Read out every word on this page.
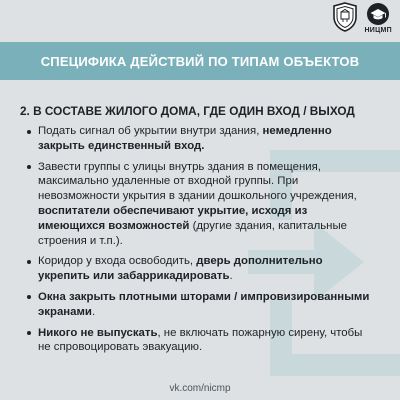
НИЦМП
СПЕЦИФИКА ДЕЙСТВИЙ ПО ТИПАМ ОБЪЕКТОВ
2. В СОСТАВЕ ЖИЛОГО ДОМА, ГДЕ ОДИН ВХОД / ВЫХОД
Подать сигнал об укрытии внутри здания, немедленно закрыть единственный вход.
Завести группы с улицы внутрь здания в помещения, максимально удаленные от входной группы. При невозможности укрытия в здании дошкольного учреждения, воспитатели обеспечивают укрытие, исходя из имеющихся возможностей (другие здания, капитальные строения и т.п.).
Коридор у входа освободить, дверь дополнительно укрепить или забаррикадировать.
Окна закрыть плотными шторами / импровизированными экранами.
Никого не выпускать, не включать пожарную сирену, чтобы не спровоцировать эвакуацию.
vk.com/nicmp
